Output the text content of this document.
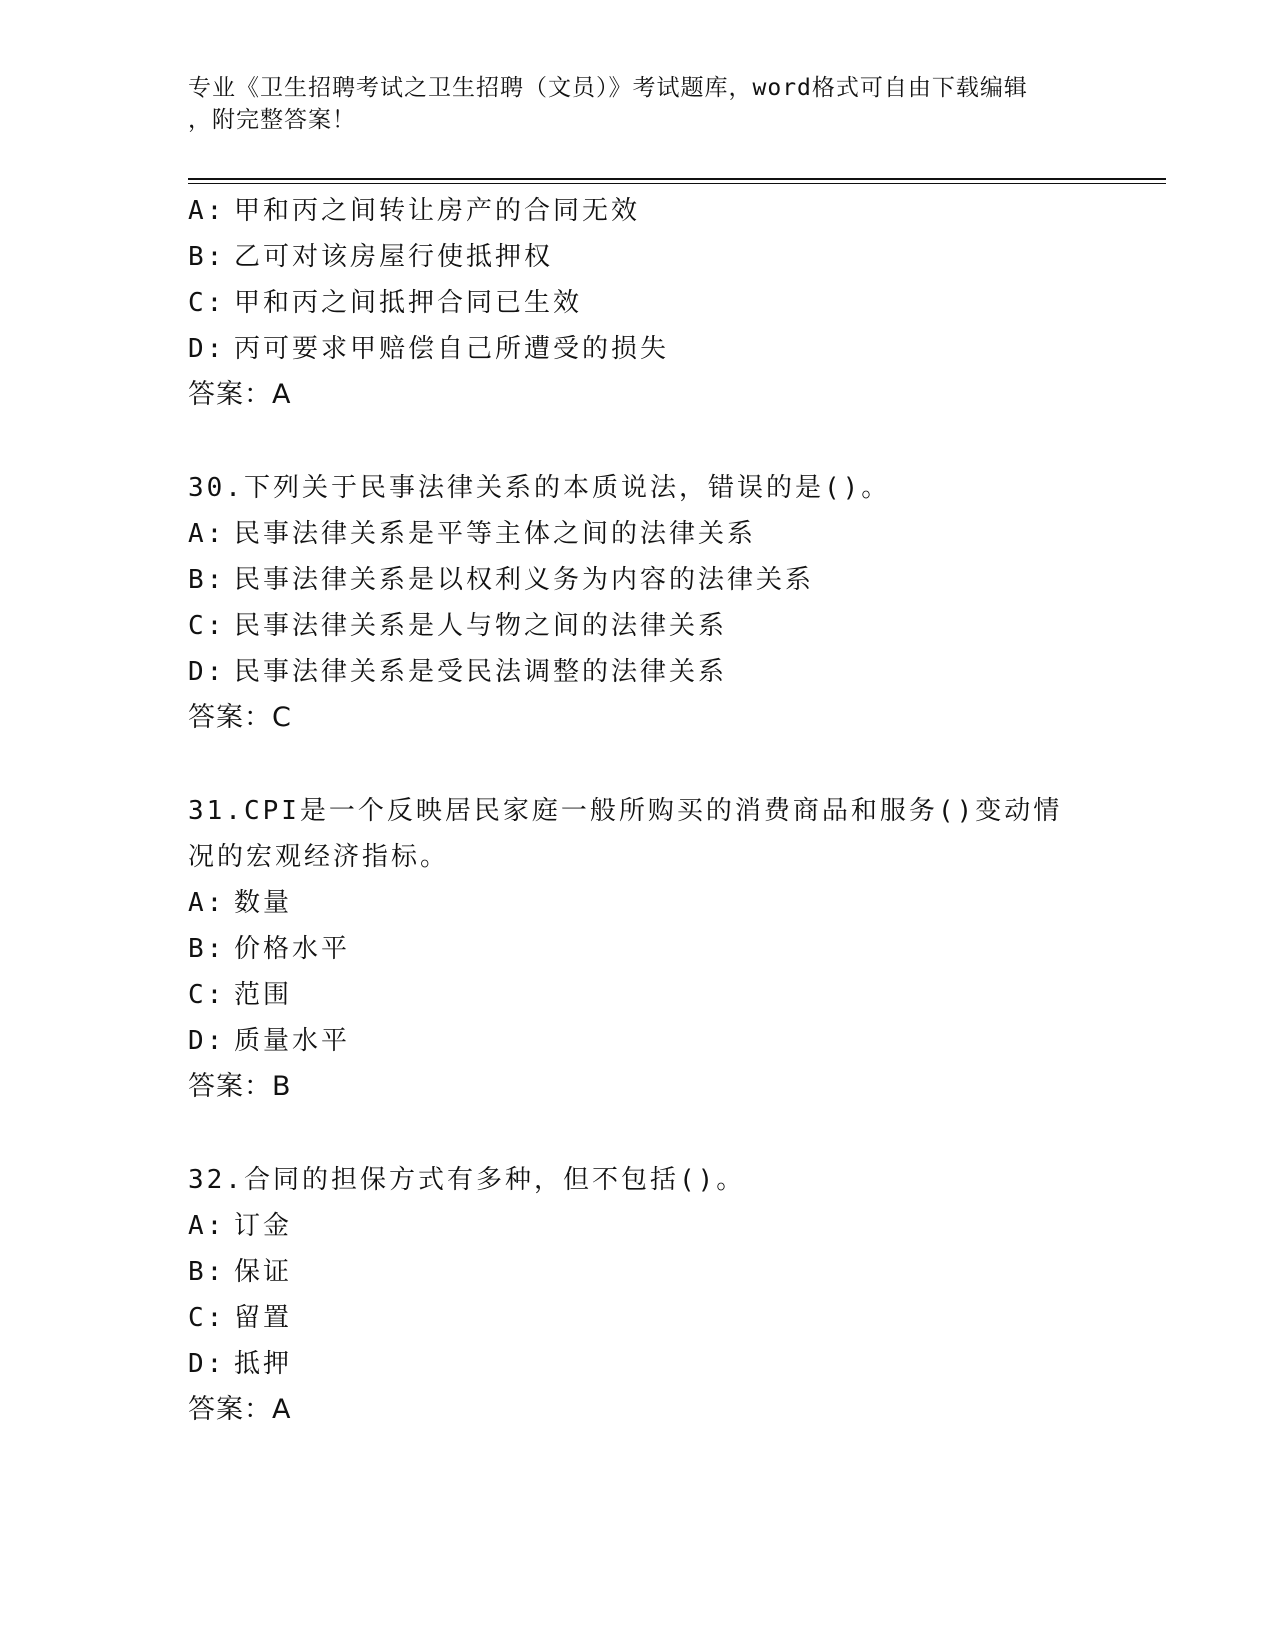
专业《卫生招聘考试之卫生招聘（文员）》考试题库，word格式可自由下载编辑
，附完整答案！
A: 甲和丙之间转让房产的合同无效
B: 乙可对该房屋行使抵押权
C: 甲和丙之间抵押合同已生效
D: 丙可要求甲赔偿自己所遭受的损失
答案：A
30.下列关于民事法律关系的本质说法，错误的是()。
A: 民事法律关系是平等主体之间的法律关系
B: 民事法律关系是以权利义务为内容的法律关系
C: 民事法律关系是人与物之间的法律关系
D: 民事法律关系是受民法调整的法律关系
答案：C
31.CPI是一个反映居民家庭一般所购买的消费商品和服务()变动情况的宏观经济指标。
A: 数量
B: 价格水平
C: 范围
D: 质量水平
答案：B
32.合同的担保方式有多种，但不包括()。
A: 订金
B: 保证
C: 留置
D: 抵押
答案：A
